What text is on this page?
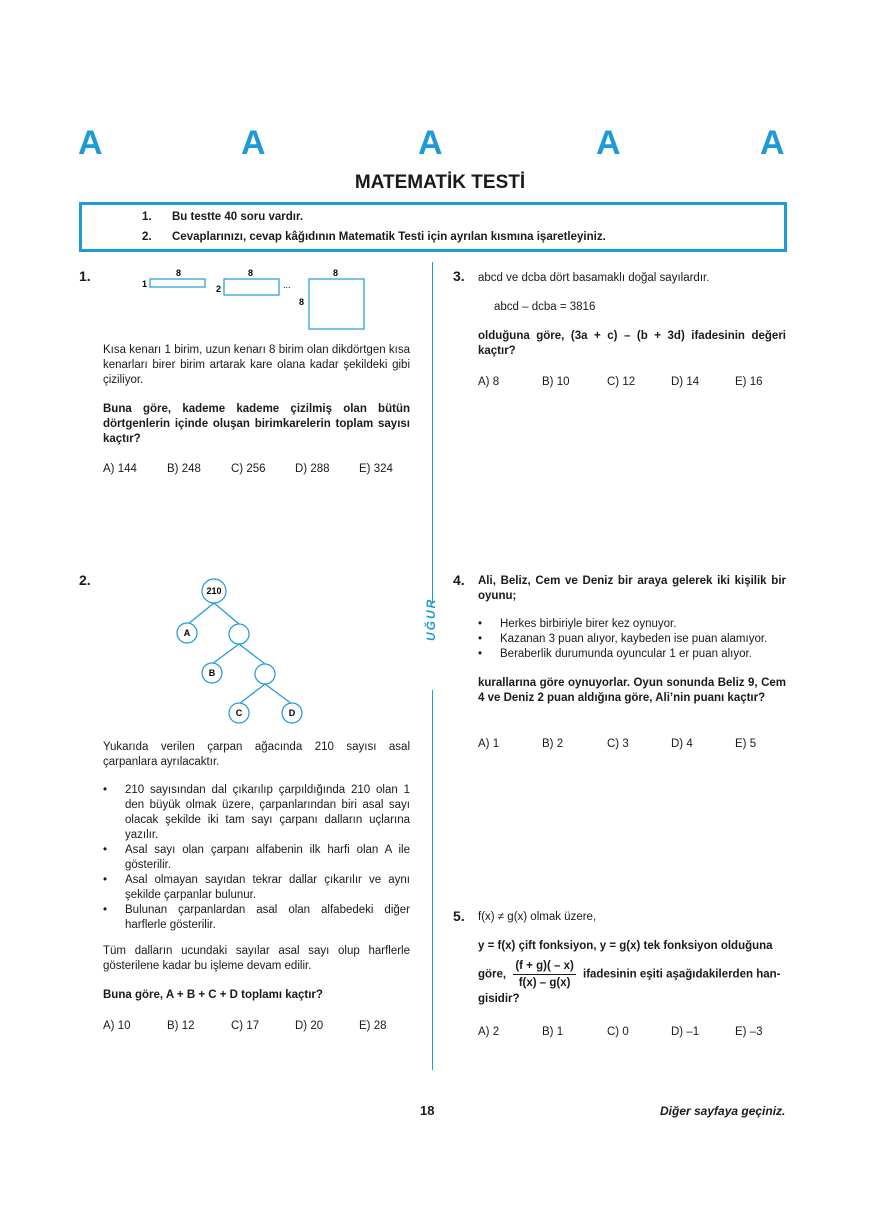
A	A	A	A	A
MATEMATİK TESTİ
1. Bu testte 40 soru vardır.
2. Cevaplarınızı, cevap kâğıdının Matematik Testi için ayrılan kısmına işaretleyiniz.
UĞUR
1.	8
1
8
2	...
8
8
Kısa kenarı 1 birim, uzun kenarı 8 birim olan dikdörtgen kısa kenarları birer birim artarak kare olana kadar şekildeki gibi çiziliyor.
Buna göre, kademe kademe çizilmiş olan bütün dörtgenlerin içinde oluşan birimkarelerin toplam sayısı kaçtır?
A) 144	B) 248	C) 256	D) 288	E) 324
2.
210
A
B
C	D
Yukarıda verilen çarpan ağacında 210 sayısı asal çarpanlara ayrılacaktır.
• 210 sayısından dal çıkarılıp çarpıldığında 210 olan 1 den büyük olmak üzere, çarpanlarından biri asal sayı olacak şekilde iki tam sayı çarpanı dalların uçlarına yazılır.
• Asal sayı olan çarpanı alfabenin ilk harfi olan A ile gösterilir.
• Asal olmayan sayıdan tekrar dallar çıkarılır ve aynı şekilde çarpanlar bulunur.
• Bulunan çarpanlardan asal olan alfabedeki diğer harflerle gösterilir.
Tüm dalların ucundaki sayılar asal sayı olup harflerle gösterilene kadar bu işleme devam edilir.
Buna göre, A + B + C + D toplamı kaçtır?
A) 10	B) 12	C) 17	D) 20	E) 28
3. abcd ve dcba dört basamaklı doğal sayılardır.
abcd – dcba = 3816
olduğuna göre, (3a + c) – (b + 3d) ifadesinin değeri kaçtır?
A) 8	B) 10	C) 12	D) 14	E) 16
4. Ali, Beliz, Cem ve Deniz bir araya gelerek iki kişilik bir oyunu;
• Herkes birbiriyle birer kez oynuyor.
• Kazanan 3 puan alıyor, kaybeden ise puan alamıyor.
• Beraberlik durumunda oyuncular 1 er puan alıyor.
kurallarına göre oynuyorlar. Oyun sonunda Beliz 9, Cem 4 ve Deniz 2 puan aldığına göre, Ali’nin puanı kaçtır?
A) 1	B) 2	C) 3	D) 4	E) 5
5. f(x) ≠ g(x) olmak üzere,
y = f(x) çift fonksiyon, y = g(x) tek fonksiyon olduğuna
göre, $\frac{(f + g)( - x)}{f(x) - g(x)}$ ifadesinin eşiti aşağıdakilerden han-
gisidir?
A) 2	B) 1	C) 0	D) –1	E) –3
18	Diğer sayfaya geçiniz.
